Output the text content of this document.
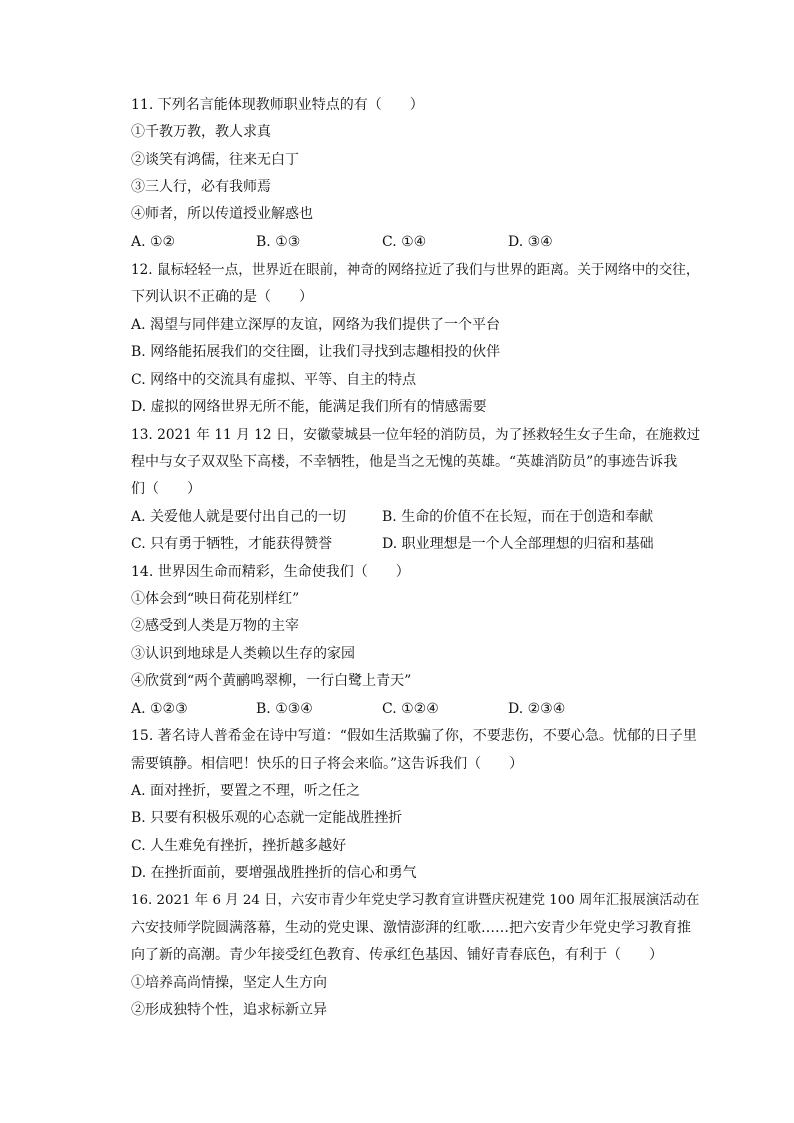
11. 下列名言能体现教师职业特点的有（　　）
①千教万教，教人求真
②谈笑有鸿儒，往来无白丁
③三人行，必有我师焉
④师者，所以传道授业解惑也
A. ①②	B. ①③	C. ①④	D. ③④
12. 鼠标轻轻一点，世界近在眼前，神奇的网络拉近了我们与世界的距离。关于网络中的交往，
下列认识不正确的是（　　）
A. 渴望与同伴建立深厚的友谊，网络为我们提供了一个平台
B. 网络能拓展我们的交往圈，让我们寻找到志趣相投的伙伴
C. 网络中的交流具有虚拟、平等、自主的特点
D. 虚拟的网络世界无所不能，能满足我们所有的情感需要
13. 2021 年 11 月 12 日，安徽蒙城县一位年轻的消防员，为了拯救轻生女子生命，在施救过
程中与女子双双坠下高楼，不幸牺牲，他是当之无愧的英雄。“英雄消防员”的事迹告诉我
们（　　）
A. 关爱他人就是要付出自己的一切	B. 生命的价值不在长短，而在于创造和奉献
C. 只有勇于牺牲，才能获得赞誉	D. 职业理想是一个人全部理想的归宿和基础
14. 世界因生命而精彩，生命使我们（　　）
①体会到“映日荷花别样红”
②感受到人类是万物的主宰
③认识到地球是人类赖以生存的家园
④欣赏到“两个黄鹂鸣翠柳，一行白鹭上青天”
A. ①②③	B. ①③④	C. ①②④	D. ②③④
15. 著名诗人普希金在诗中写道：“假如生活欺骗了你，不要悲伤，不要心急。忧郁的日子里
需要镇静。相信吧！快乐的日子将会来临。”这告诉我们（　　）
A. 面对挫折，要置之不理，听之任之
B. 只要有积极乐观的心态就一定能战胜挫折
C. 人生难免有挫折，挫折越多越好
D. 在挫折面前，要增强战胜挫折的信心和勇气
16. 2021 年 6 月 24 日，六安市青少年党史学习教育宣讲暨庆祝建党 100 周年汇报展演活动在
六安技师学院圆满落幕，生动的党史课、激情澎湃的红歌……把六安青少年党史学习教育推
向了新的高潮。青少年接受红色教育、传承红色基因、铺好青春底色，有利于（　　）
①培养高尚情操，坚定人生方向
②形成独特个性，追求标新立异
